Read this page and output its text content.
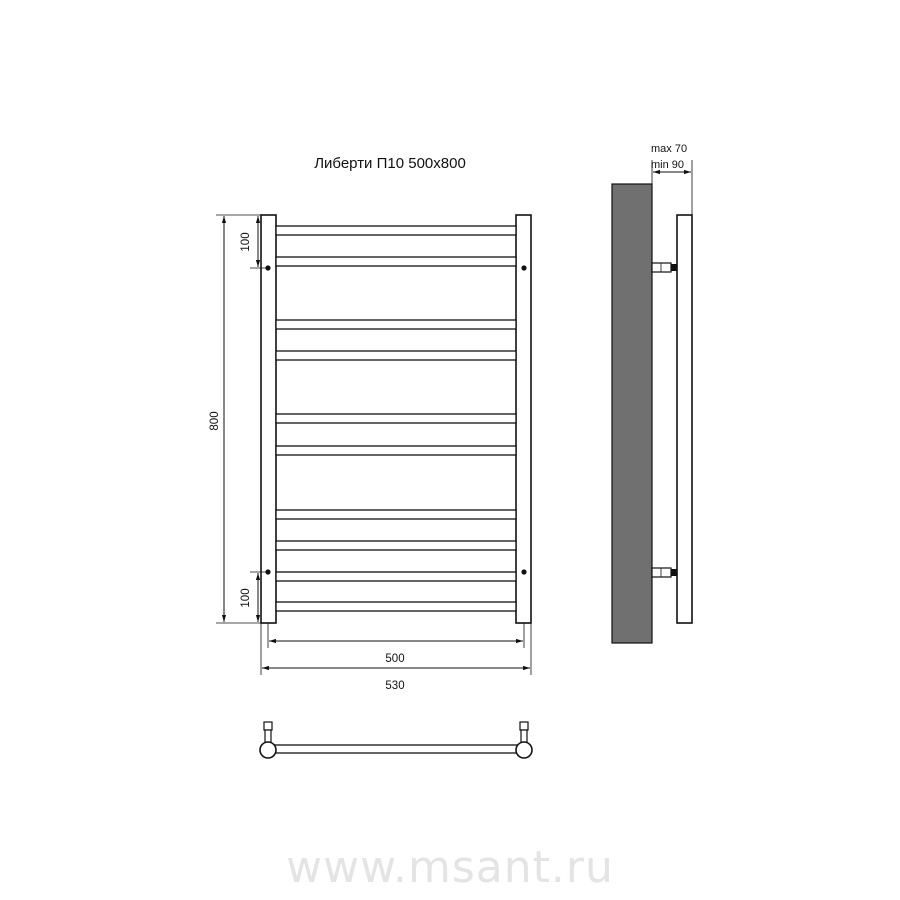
Либерти П10 500х800
800
100
100
500
530
max 70
min 90
www.msant.ru
